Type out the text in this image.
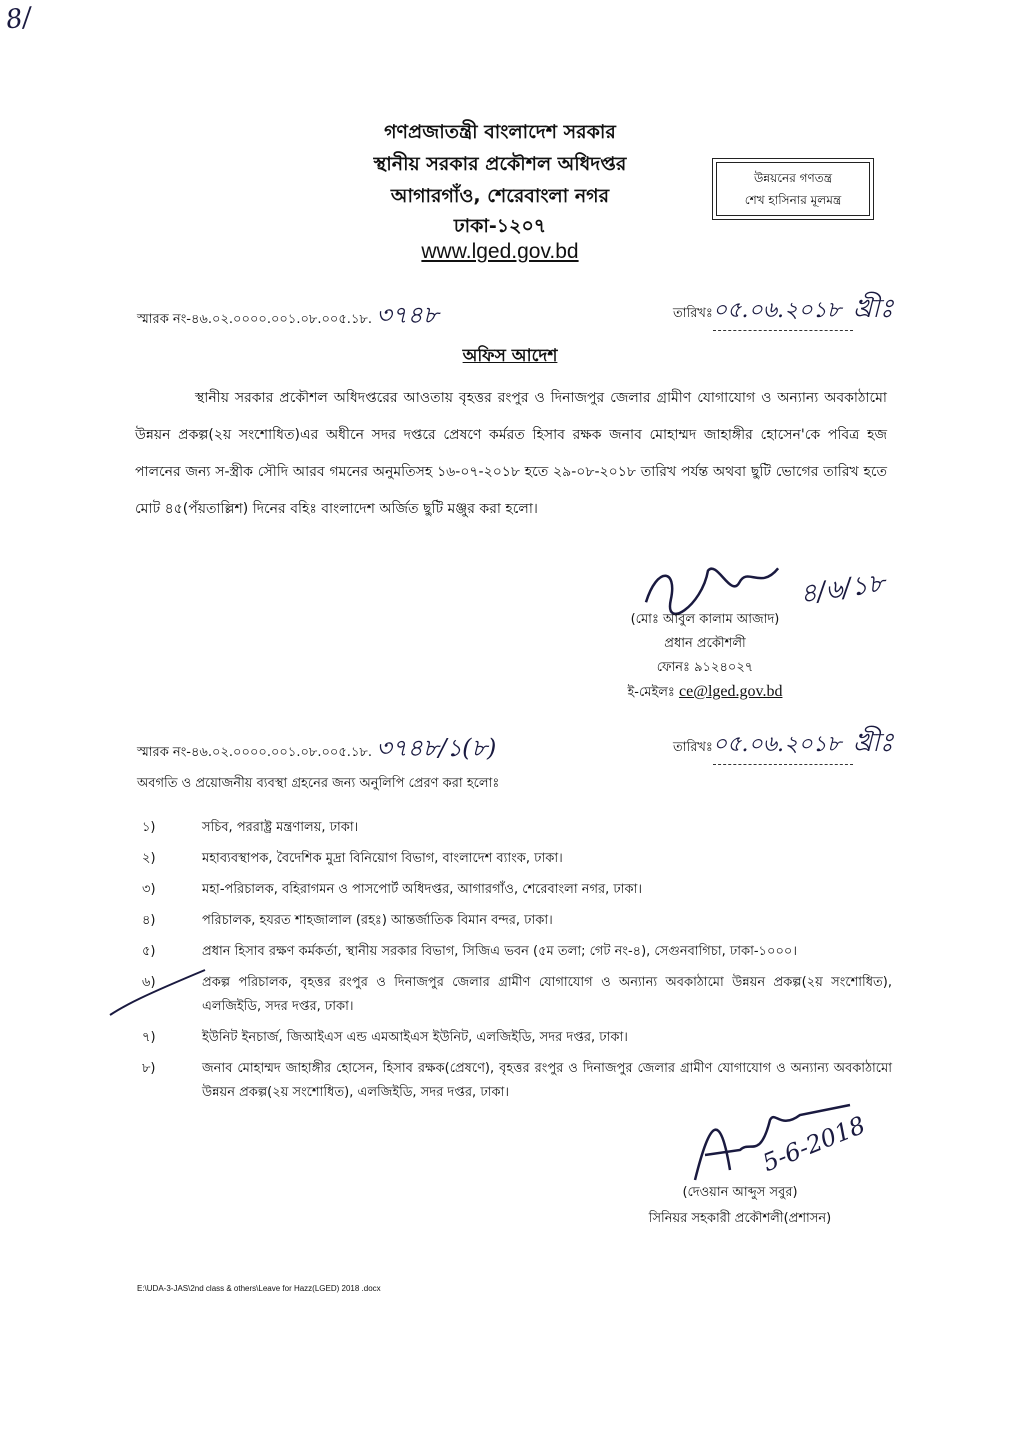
8/
গণপ্রজাতন্ত্রী বাংলাদেশ সরকার
স্থানীয় সরকার প্রকৌশল অধিদপ্তর
আগারগাঁও, শেরেবাংলা নগর
ঢাকা-১২০৭
www.lged.gov.bd
উন্নয়নের গণতন্ত্র
শেখ হাসিনার মূলমন্ত্র
স্মারক নং-৪৬.০২.০০০০.০০১.০৮.০০৫.১৮. ৩৭৪৮	তারিখঃ০৫.০৬.২০১৮ খ্রীঃ
অফিস আদেশ
স্থানীয় সরকার প্রকৌশল অধিদপ্তরের আওতায় বৃহত্তর রংপুর ও দিনাজপুর জেলার গ্রামীণ যোগাযোগ ও অন্যান্য অবকাঠামো উন্নয়ন প্রকল্প(২য় সংশোধিত)এর অধীনে সদর দপ্তরে প্রেষণে কর্মরত হিসাব রক্ষক জনাব মোহাম্মদ জাহাঙ্গীর হোসেন'কে পবিত্র হজ পালনের জন্য স-স্ত্রীক সৌদি আরব গমনের অনুমতিসহ ১৬-০৭-২০১৮ হতে ২৯-০৮-২০১৮ তারিখ পর্যন্ত অথবা ছুটি ভোগের তারিখ হতে মোট ৪৫(পঁয়তাল্লিশ) দিনের বহিঃ বাংলাদেশ অর্জিত ছুটি মঞ্জুর করা হলো।
৪/৬/১৮
(মোঃ আবুল কালাম আজাদ)
প্রধান প্রকৌশলী
ফোনঃ ৯১২৪০২৭
ই-মেইলঃ ce@lged.gov.bd
স্মারক নং-৪৬.০২.০০০০.০০১.০৮.০০৫.১৮. ৩৭৪৮/১(৮)	তারিখঃ০৫.০৬.২০১৮ খ্রীঃ
অবগতি ও প্রয়োজনীয় ব্যবস্থা গ্রহনের জন্য অনুলিপি প্রেরণ করা হলোঃ
১)	সচিব, পররাষ্ট্র মন্ত্রণালয়, ঢাকা।
২)	মহাব্যবস্থাপক, বৈদেশিক মুদ্রা বিনিয়োগ বিভাগ, বাংলাদেশ ব্যাংক, ঢাকা।
৩)	মহা-পরিচালক, বহিরাগমন ও পাসপোর্ট অধিদপ্তর, আগারগাঁও, শেরেবাংলা নগর, ঢাকা।
৪)	পরিচালক, হযরত শাহজালাল (রহঃ) আন্তর্জাতিক বিমান বন্দর, ঢাকা।
৫)	প্রধান হিসাব রক্ষণ কর্মকর্তা, স্থানীয় সরকার বিভাগ, সিজিএ ভবন (৫ম তলা; গেট নং-৪), সেগুনবাগিচা, ঢাকা-১০০০।
৬)	প্রকল্প পরিচালক, বৃহত্তর রংপুর ও দিনাজপুর জেলার গ্রামীণ যোগাযোগ ও অন্যান্য অবকাঠামো উন্নয়ন প্রকল্প(২য় সংশোধিত), এলজিইডি, সদর দপ্তর, ঢাকা।
৭)	ইউনিট ইনচার্জ, জিআইএস এন্ড এমআইএস ইউনিট, এলজিইডি, সদর দপ্তর, ঢাকা।
৮)	জনাব মোহাম্মদ জাহাঙ্গীর হোসেন, হিসাব রক্ষক(প্রেষণে), বৃহত্তর রংপুর ও দিনাজপুর জেলার গ্রামীণ যোগাযোগ ও অন্যান্য অবকাঠামো উন্নয়ন প্রকল্প(২য় সংশোধিত), এলজিইডি, সদর দপ্তর, ঢাকা।
5-6-2018
(দেওয়ান আব্দুস সবুর)
সিনিয়র সহকারী প্রকৌশলী(প্রশাসন)
E:\UDA-3-JAS\2nd class & others\Leave for Hazz(LGED) 2018 .docx
